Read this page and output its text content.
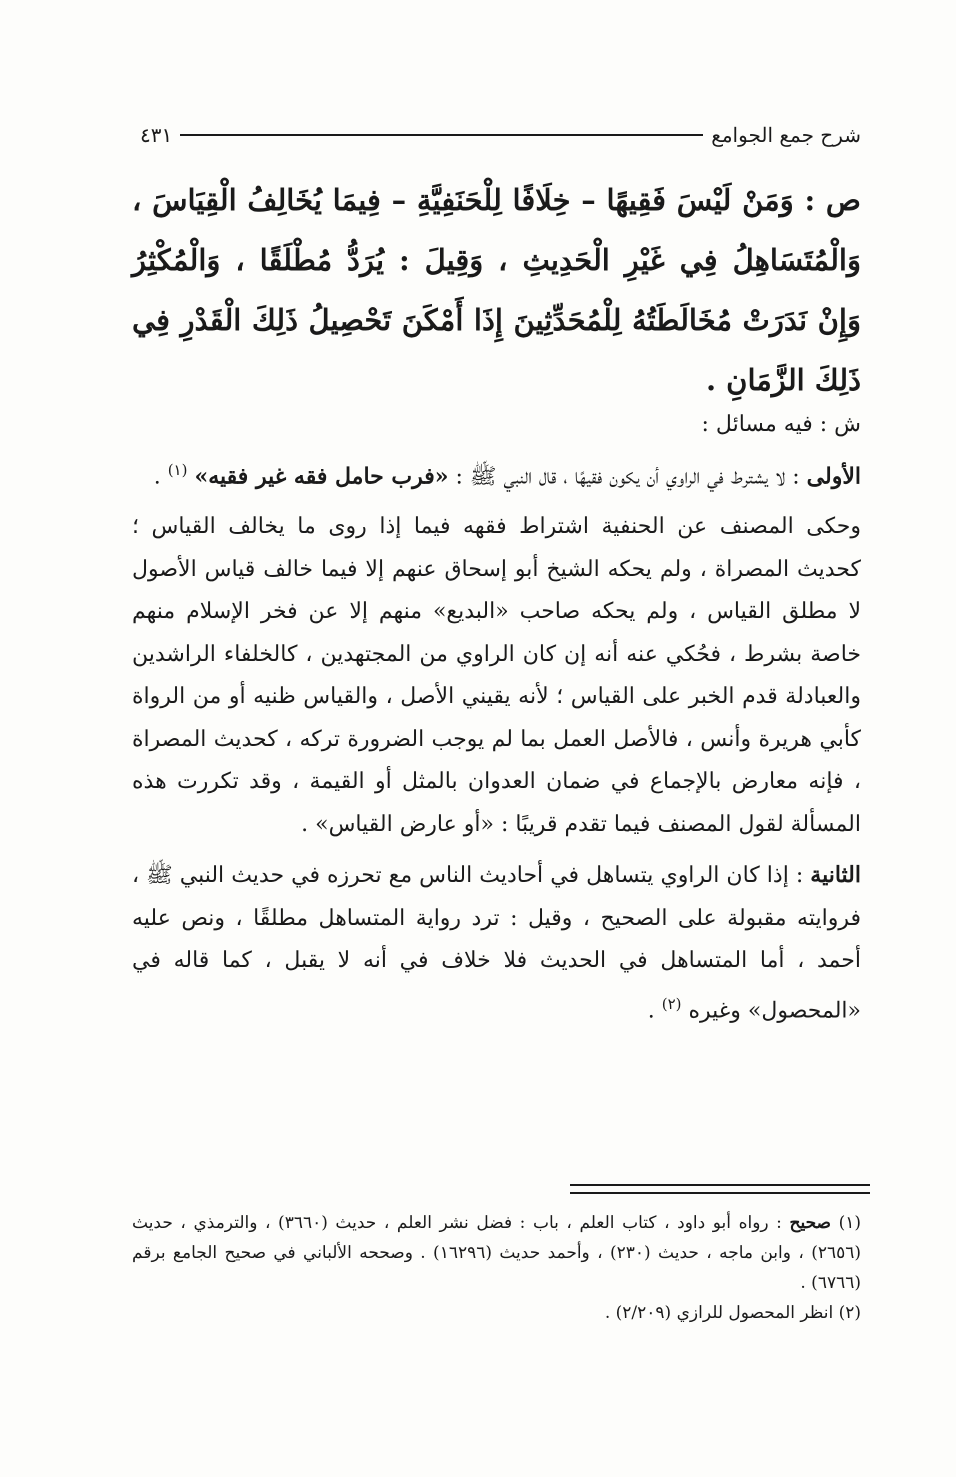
شرح جمع الجوامع
٤٣١
ص : وَمَنْ لَيْسَ فَقِيهًا – خِلَافًا لِلْحَنَفِيَّةِ – فِيمَا يُخَالِفُ الْقِيَاسَ ، وَالْمُتَسَاهِلُ فِي غَيْرِ الْحَدِيثِ ، وَقِيلَ : يُرَدُّ مُطْلَقًا ، وَالْمُكْثِرُ وَإِنْ نَدَرَتْ مُخَالَطَتُهُ لِلْمُحَدِّثِينَ إِذَا أَمْكَنَ تَحْصِيلُ ذَلِكَ الْقَدْرِ فِي ذَلِكَ الزَّمَانِ .

ش : فيه مسائل :

الأولى : لا يشترط في الراوي أن يكون فقيهًا ، قال النبي ﷺ : «فرب حامل فقه غير فقيه» $^{(١)}$ .

وحكى المصنف عن الحنفية اشتراط فقهه فيما إذا روى ما يخالف القياس ؛ كحديث المصراة ، ولم يحكه الشيخ أبو إسحاق عنهم إلا فيما خالف قياس الأصول لا مطلق القياس ، ولم يحكه صاحب «البديع» منهم إلا عن فخر الإسلام منهم خاصة بشرط ، فحُكي عنه أنه إن كان الراوي من المجتهدين ، كالخلفاء الراشدين والعبادلة قدم الخبر على القياس ؛ لأنه يقيني الأصل ، والقياس ظنيه أو من الرواة كأبي هريرة وأنس ، فالأصل العمل بما لم يوجب الضرورة تركه ، كحديث المصراة ، فإنه معارض بالإجماع في ضمان العدوان بالمثل أو القيمة ، وقد تكررت هذه المسألة لقول المصنف فيما تقدم قريبًا : «أو عارض القياس» .

الثانية : إذا كان الراوي يتساهل في أحاديث الناس مع تحرزه في حديث النبي ﷺ ، فروايته مقبولة على الصحيح ، وقيل : ترد رواية المتساهل مطلقًا ، ونص عليه أحمد ، أما المتساهل في الحديث فلا خلاف في أنه لا يقبل ، كما قاله في «المحصول» وغيره $^{(٢)}$ .

(١) صحيح : رواه أبو داود ، كتاب العلم ، باب : فضل نشر العلم ، حديث (٣٦٦٠) ، والترمذي ، حديث (٢٦٥٦) ، وابن ماجه ، حديث (٢٣٠) ، وأحمد حديث (١٦٢٩٦) . وصححه الألباني في صحيح الجامع برقم (٦٧٦٦) .

(٢) انظر المحصول للرازي (٢/٢٠٩) .
